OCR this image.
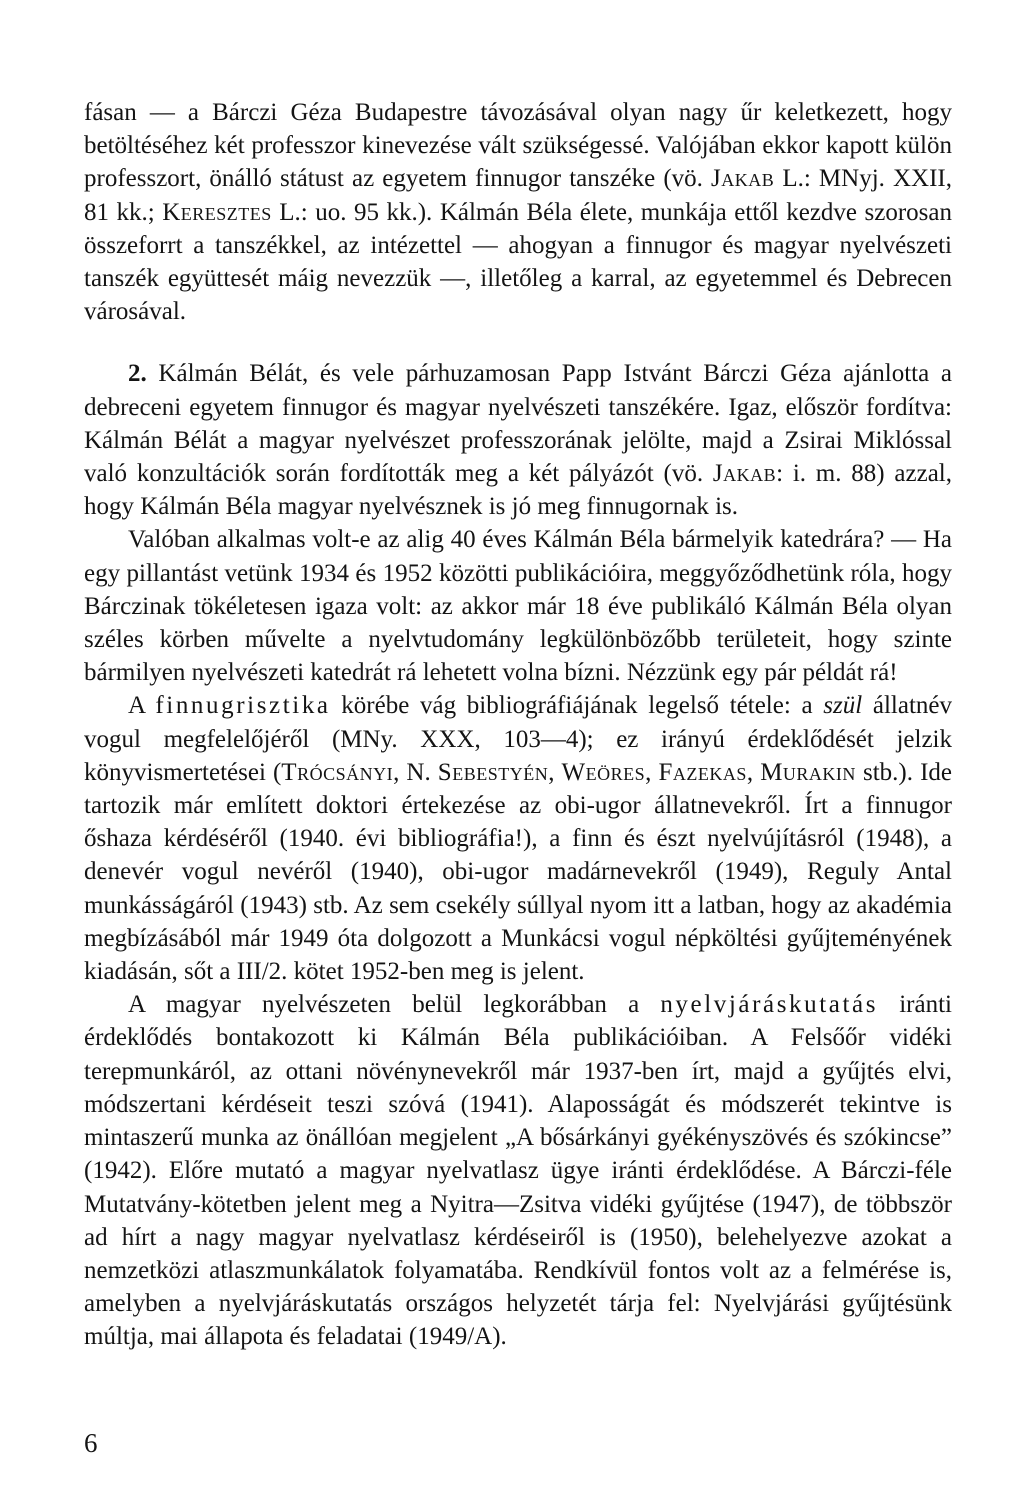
fásan — a Bárczi Géza Budapestre távozásával olyan nagy űr keletkezett, hogy betöltéséhez két professzor kinevezése vált szükségessé. Valójában ekkor kapott külön professzort, önálló státust az egyetem finnugor tanszéke (vö. Jakab L.: MNyj. XXII, 81 kk.; Keresztes L.: uo. 95 kk.). Kálmán Béla élete, munkája ettől kezdve szorosan összeforrt a tanszékkel, az intézettel — ahogyan a finnugor és magyar nyelvészeti tanszék együttesét máig nevezzük —, illetőleg a karral, az egyetemmel és Debrecen városával.

2. Kálmán Bélát, és vele párhuzamosan Papp Istvánt Bárczi Géza ajánlotta a debreceni egyetem finnugor és magyar nyelvészeti tanszékére. Igaz, először fordítva: Kálmán Bélát a magyar nyelvészet professzorának jelölte, majd a Zsirai Miklóssal való konzultációk során fordították meg a két pályázót (vö. Jakab: i. m. 88) azzal, hogy Kálmán Béla magyar nyelvésznek is jó meg finnugornak is.

Valóban alkalmas volt-e az alig 40 éves Kálmán Béla bármelyik katedrára? — Ha egy pillantást vetünk 1934 és 1952 közötti publikációira, meggyőződhetünk róla, hogy Bárczinak tökéletesen igaza volt: az akkor már 18 éve publikáló Kálmán Béla olyan széles körben művelte a nyelvtudomány legkülönbözőbb területeit, hogy szinte bármilyen nyelvészeti katedrát rá lehetett volna bízni. Nézzünk egy pár példát rá!

A finnugrisztika körébe vág bibliográfiájának legelső tétele: a szül állatnév vogul megfelelőjéről (MNy. XXX, 103—4); ez irányú érdeklődését jelzik könyvismertetései (Trócsányi, N. Sebestyén, Weöres, Fazekas, Murakin stb.). Ide tartozik már említett doktori értekezése az obi-ugor állatnevekről. Írt a finnugor őshaza kérdéséről (1940. évi bibliográfia!), a finn és észt nyelvújításról (1948), a denevér vogul nevéről (1940), obi-ugor madárnevekről (1949), Reguly Antal munkásságáról (1943) stb. Az sem csekély súllyal nyom itt a latban, hogy az akadémia megbízásából már 1949 óta dolgozott a Munkácsi vogul népköltési gyűjteményének kiadásán, sőt a III/2. kötet 1952-ben meg is jelent.

A magyar nyelvészeten belül legkorábban a nyelvjáráskutatás iránti érdeklődés bontakozott ki Kálmán Béla publikációiban. A Felsőőr vidéki terepmunkáról, az ottani növénynevekről már 1937-ben írt, majd a gyűjtés elvi, módszertani kérdéseit teszi szóvá (1941). Alaposságát és módszerét tekintve is mintaszerű munka az önállóan megjelent „A bősárkányi gyékényszövés és szókincse” (1942). Előre mutató a magyar nyelvatlasz ügye iránti érdeklődése. A Bárczi-féle Mutatvány-kötetben jelent meg a Nyitra—Zsitva vidéki gyűjtése (1947), de többször ad hírt a nagy magyar nyelvatlasz kérdéseiről is (1950), belehelyezve azokat a nemzetközi atlaszmunkálatok folyamatába. Rendkívül fontos volt az a felmérése is, amelyben a nyelvjáráskutatás országos helyzetét tárja fel: Nyelvjárási gyűjtésünk múltja, mai állapota és feladatai (1949/A).

6
